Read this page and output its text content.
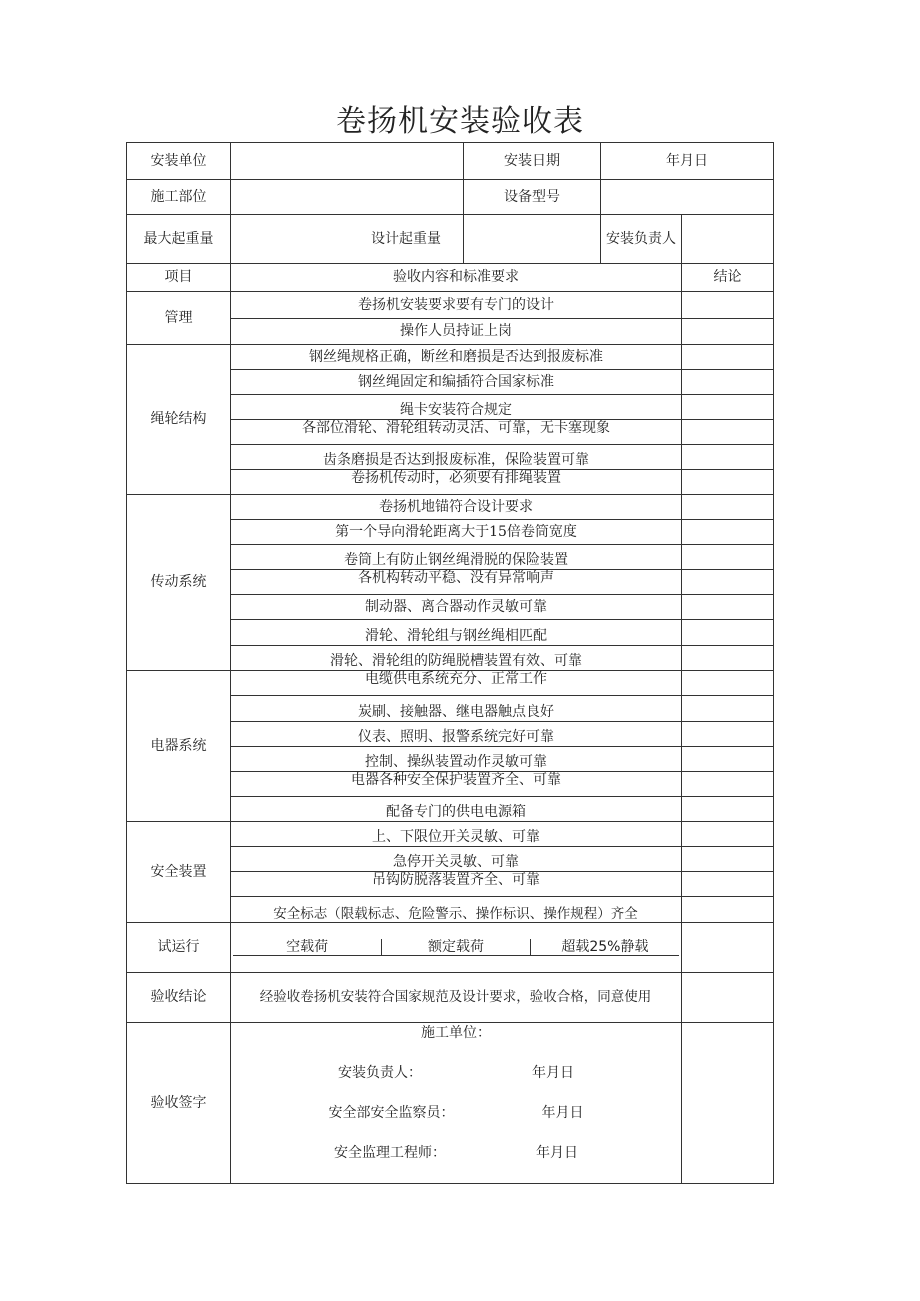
卷扬机安装验收表
安装单位		安装日期	年月日
施工部位		设备型号	
最大起重量	设计起重量		安装负责人	
项目	验收内容和标准要求	结论
管理	卷扬机安装要求要有专门的设计	
操作人员持证上岗	
绳轮结构	钢丝绳规格正确，断丝和磨损是否达到报废标准	
钢丝绳固定和编插符合国家标准	
绳卡安装符合规定	
各部位滑轮、滑轮组转动灵活、可靠，无卡塞现象	
齿条磨损是否达到报废标准，保险装置可靠	
卷扬机传动时，必须要有排绳装置	
传动系统	卷扬机地锚符合设计要求	
第一个导向滑轮距离大于15倍卷筒宽度	
卷筒上有防止钢丝绳滑脱的保险装置	
各机构转动平稳、没有异常响声	
制动器、离合器动作灵敏可靠	
滑轮、滑轮组与钢丝绳相匹配	
滑轮、滑轮组的防绳脱槽装置有效、可靠	
电器系统	电缆供电系统充分、正常工作	
炭刷、接触器、继电器触点良好	
仪表、照明、报警系统完好可靠	
控制、操纵装置动作灵敏可靠	
电器各种安全保护装置齐全、可靠	
配备专门的供电电源箱	
安全装置	上、下限位开关灵敏、可靠	
急停开关灵敏、可靠	
吊钩防脱落装置齐全、可靠	
安全标志（限载标志、危险警示、操作标识、操作规程）齐全	
试运行		空载荷	额定载荷	超载25%静载

验收结论	经验收卷扬机安装符合国家规范及设计要求，验收合格，同意使用	
验收签字	
施工单位：
安装负责人：	年月日
安全部安全监察员：	年月日
安全监理工程师：	年月日
